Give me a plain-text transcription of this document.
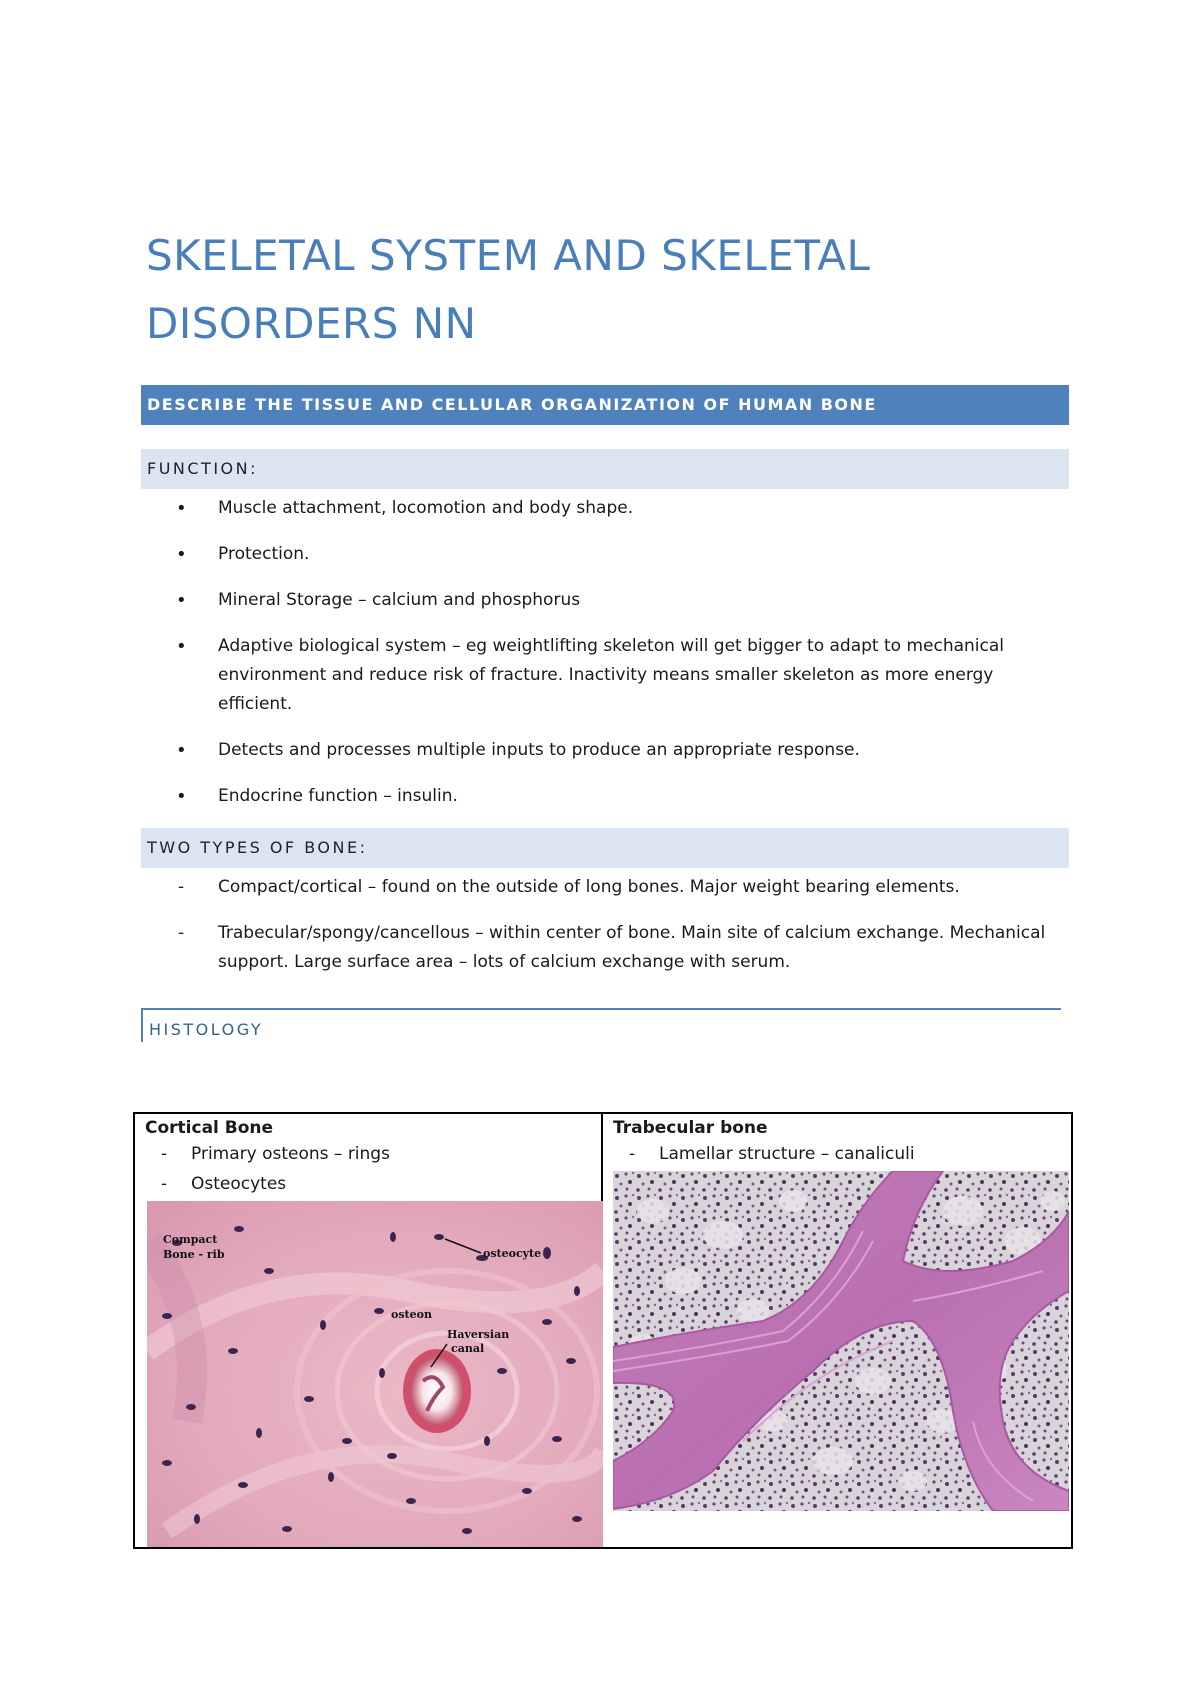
SKELETAL SYSTEM AND SKELETAL
DISORDERS NN
DESCRIBE THE TISSUE AND CELLULAR ORGANIZATION OF HUMAN BONE
FUNCTION:
• Muscle attachment, locomotion and body shape.
• Protection.
• Mineral Storage – calcium and phosphorus
• Adaptive biological system – eg weightlifting skeleton will get bigger to adapt to mechanical environment and reduce risk of fracture. Inactivity means smaller skeleton as more energy efficient.
• Detects and processes multiple inputs to produce an appropriate response.
• Endocrine function – insulin.
TWO TYPES OF BONE:
- Compact/cortical – found on the outside of long bones. Major weight bearing elements.
- Trabecular/spongy/cancellous – within center of bone. Main site of calcium exchange. Mechanical support. Large surface area – lots of calcium exchange with serum.
HISTOLOGY
Cortical Bone
- Primary osteons – rings
- Osteocytes
Compact
Bone - rib	osteocyte
osteon
Haversian
canal

Trabecular bone
- Lamellar structure – canaliculi
